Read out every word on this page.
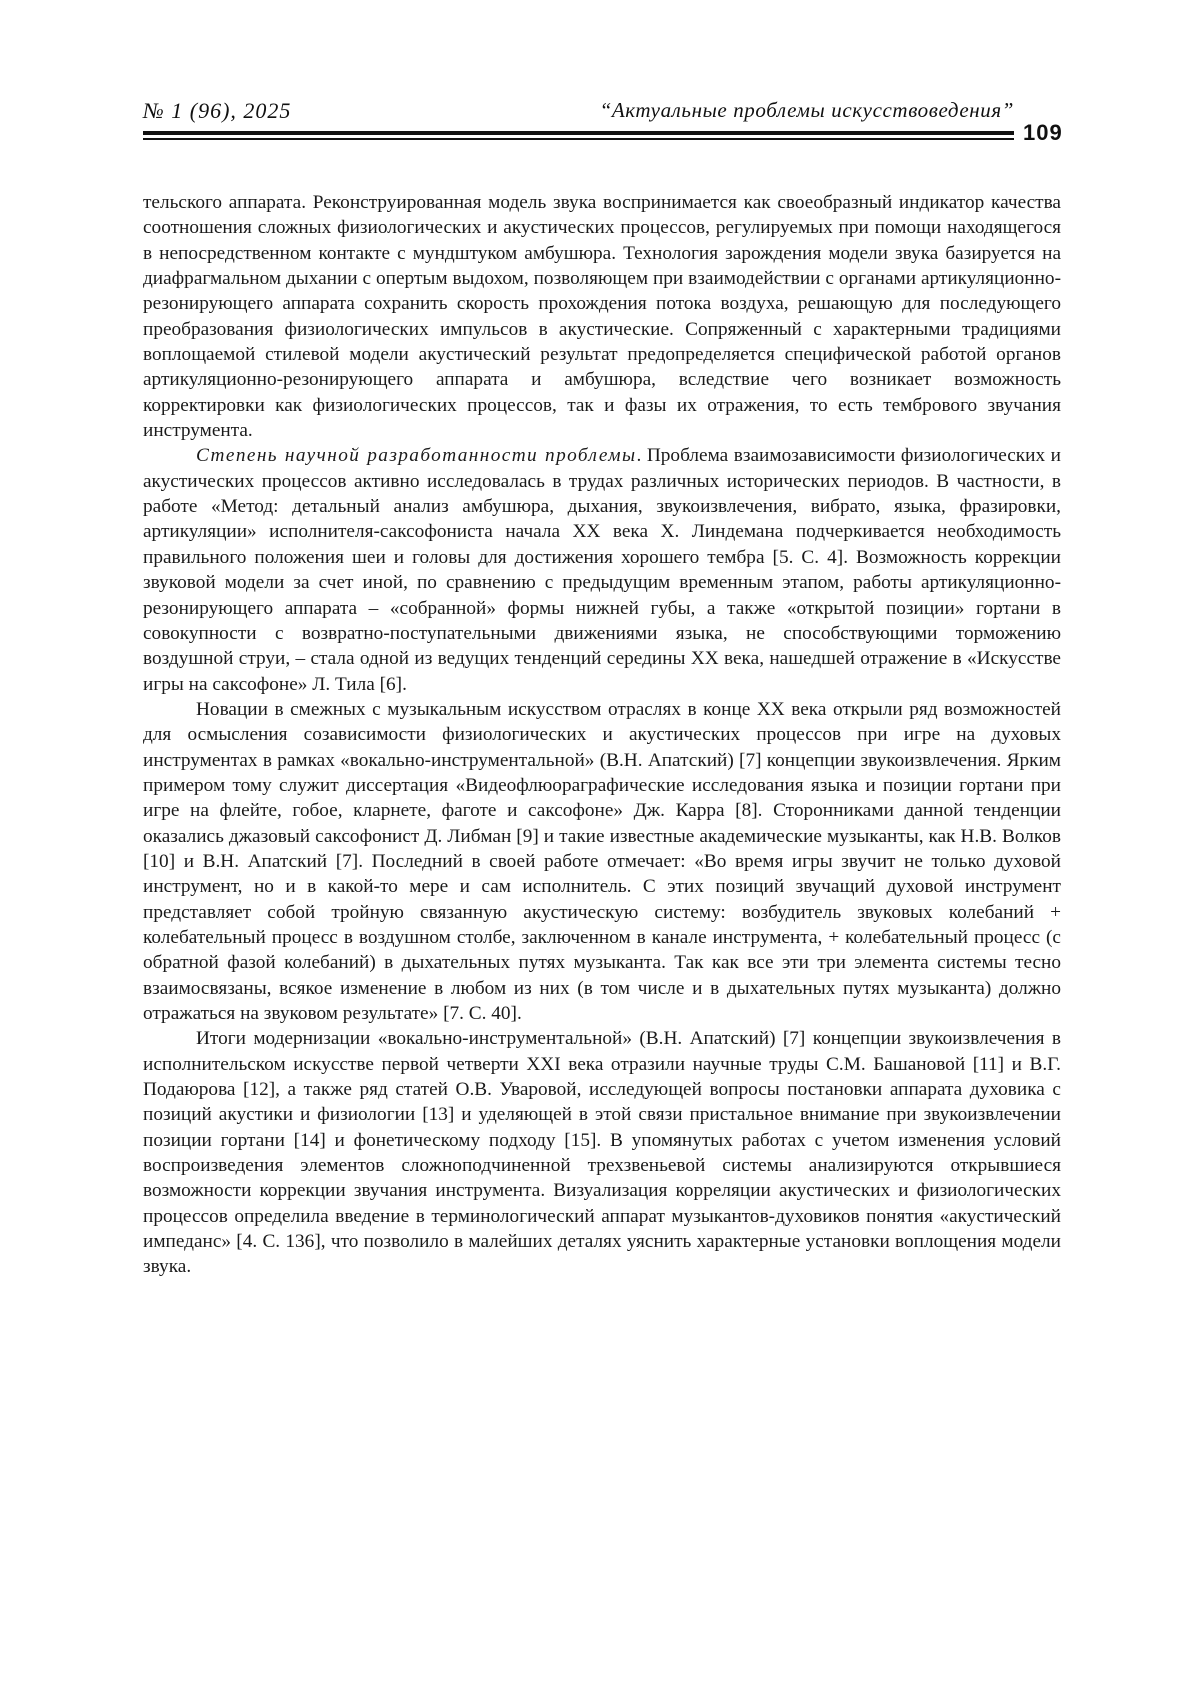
№ 1 (96), 2025	“Актуальные проблемы искусствоведения”
109

тельского аппарата. Реконструированная модель звука воспринимается как своеобразный индикатор качества соотношения сложных физиологических и акустических процессов, регулируемых при помощи находящегося в непосредственном контакте с мундштуком амбушюра. Технология зарождения модели звука базируется на диафрагмальном дыхании с опертым выдохом, позволяющем при взаимодействии с органами артикуляционно-резонирующего аппарата сохранить скорость прохождения потока воздуха, решающую для последующего преобразования физиологических импульсов в акустические. Сопряженный с характерными традициями воплощаемой стилевой модели акустический результат предопределяется специфической работой органов артикуляционно-резонирующего аппарата и амбушюра, вследствие чего возникает возможность корректировки как физиологических процессов, так и фазы их отражения, то есть тембрового звучания инструмента.

Степень научной разработанности проблемы. Проблема взаимозависимости физиологических и акустических процессов активно исследовалась в трудах различных исторических периодов. В частности, в работе «Метод: детальный анализ амбушюра, дыхания, звукоизвлечения, вибрато, языка, фразировки, артикуляции» исполнителя-саксофониста начала XX века Х. Линдемана подчеркивается необходимость правильного положения шеи и головы для достижения хорошего тембра [5. С. 4]. Возможность коррекции звуковой модели за счет иной, по сравнению с предыдущим временным этапом, работы артикуляционно-резонирующего аппарата – «собранной» формы нижней губы, а также «открытой позиции» гортани в совокупности с возвратно-поступательными движениями языка, не способствующими торможению воздушной струи, – стала одной из ведущих тенденций середины XX века, нашедшей отражение в «Искусстве игры на саксофоне» Л. Тила [6].

Новации в смежных с музыкальным искусством отраслях в конце XX века открыли ряд возможностей для осмысления созависимости физиологических и акустических процессов при игре на духовых инструментах в рамках «вокально-инструментальной» (В.Н. Апатский) [7] концепции звукоизвлечения. Ярким примером тому служит диссертация «Видеофлюораграфические исследования языка и позиции гортани при игре на флейте, гобое, кларнете, фаготе и саксофоне» Дж. Карра [8]. Сторонниками данной тенденции оказались джазовый саксофонист Д. Либман [9] и такие известные академические музыканты, как Н.В. Волков [10] и В.Н. Апатский [7]. Последний в своей работе отмечает: «Во время игры звучит не только духовой инструмент, но и в какой-то мере и сам исполнитель. С этих позиций звучащий духовой инструмент представляет собой тройную связанную акустическую систему: возбудитель звуковых колебаний + колебательный процесс в воздушном столбе, заключенном в канале инструмента, + колебательный процесс (с обратной фазой колебаний) в дыхательных путях музыканта. Так как все эти три элемента системы тесно взаимосвязаны, всякое изменение в любом из них (в том числе и в дыхательных путях музыканта) должно отражаться на звуковом результате» [7. С. 40].

Итоги модернизации «вокально-инструментальной» (В.Н. Апатский) [7] концепции звукоизвлечения в исполнительском искусстве первой четверти XXI века отразили научные труды С.М. Башановой [11] и В.Г. Подаюрова [12], а также ряд статей О.В. Уваровой, исследующей вопросы постановки аппарата духовика с позиций акустики и физиологии [13] и уделяющей в этой связи пристальное внимание при звукоизвлечении позиции гортани [14] и фонетическому подходу [15]. В упомянутых работах с учетом изменения условий воспроизведения элементов сложноподчиненной трехзвеньевой системы анализируются открывшиеся возможности коррекции звучания инструмента. Визуализация корреляции акустических и физиологических процессов определила введение в терминологический аппарат музыкантов-духовиков понятия «акустический импеданс» [4. С. 136], что позволило в малейших деталях уяснить характерные установки воплощения модели звука.
